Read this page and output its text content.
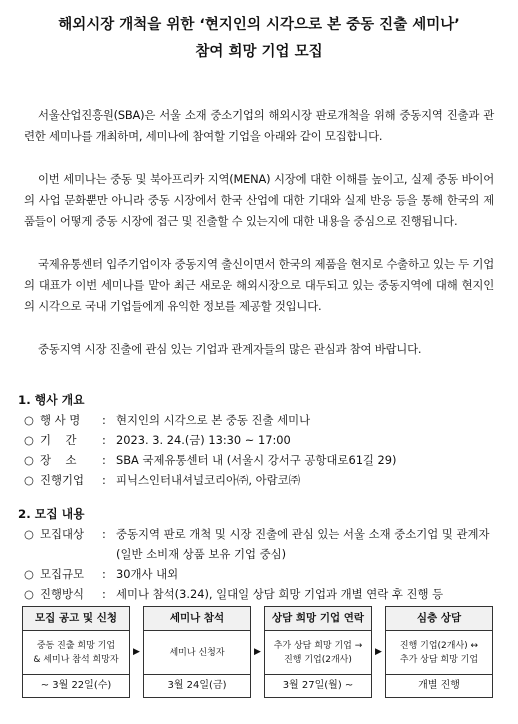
해외시장 개척을 위한 ‘현지인의 시각으로 본 중동 진출 세미나’
참여 희망 기업 모집

서울산업진흥원(SBA)은 서울 소재 중소기업의 해외시장 판로개척을 위해 중동지역 진출과 관련한 세미나를 개최하며, 세미나에 참여할 기업을 아래와 같이 모집합니다.

이번 세미나는 중동 및 북아프리카 지역(MENA) 시장에 대한 이해를 높이고, 실제 중동 바이어의 사업 문화뿐만 아니라 중동 시장에서 한국 산업에 대한 기대와 실제 반응 등을 통해 한국의 제품들이 어떻게 중동 시장에 접근 및 진출할 수 있는지에 대한 내용을 중심으로 진행됩니다.

국제유통센터 입주기업이자 중동지역 출신이면서 한국의 제품을 현지로 수출하고 있는 두 기업의 대표가 이번 세미나를 맡아 최근 새로운 해외시장으로 대두되고 있는 중동지역에 대해 현지인의 시각으로 국내 기업들에게 유익한 정보를 제공할 것입니다.

중동지역 시장 진출에 관심 있는 기업과 관계자들의 많은 관심과 참여 바랍니다.

1. 행사 개요
○ 행 사 명	: 현지인의 시각으로 본 중동 진출 세미나
○ 기    간	: 2023. 3. 24.(금) 13:30 ~ 17:00
○ 장    소	: SBA 국제유통센터 내 (서울시 강서구 공항대로61길 29)
○ 진행기업	: 피닉스인터내셔널코리아㈜, 아람코㈜
2. 모집 내용
○ 모집대상	: 중동지역 판로 개척 및 시장 진출에 관심 있는 서울 소재 중소기업 및 관계자 (일반 소비재 상품 보유 기업 중심)
○ 모집규모	: 30개사 내외
○ 진행방식	: 세미나 참석(3.24), 일대일 상담 희망 기업과 개별 연락 후 진행 등
모집 공고 및 신청
중동 진출 희망 기업
& 세미나 참석 희망자
~ 3월 22일(수)
▶
세미나 참석
세미나 신청자
3월 24일(금)
▶
상담 희망 기업 연락
추가 상담 희망 기업 →
진행 기업(2개사)
3월 27일(월) ~
▶
심층 상담
진행 기업(2개사) ↔
추가 상담 희망 기업
개별 진행
